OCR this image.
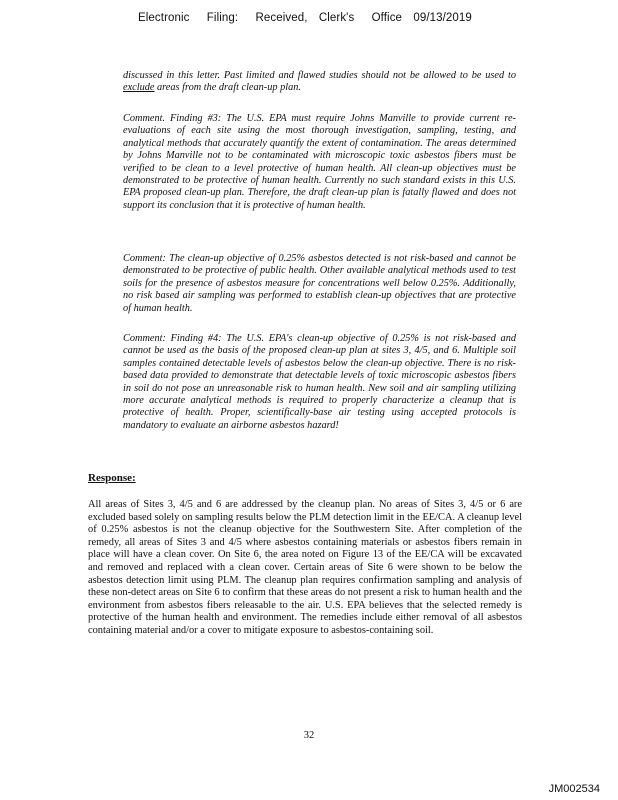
Electronic Filing: Received, Clerk's Office 09/13/2019

discussed in this letter. Past limited and flawed studies should not be allowed to be used to exclude areas from the draft clean-up plan.

Comment. Finding #3: The U.S. EPA must require Johns Manville to provide current re- evaluations of each site using the most thorough investigation, sampling, testing, and analytical methods that accurately quantify the extent of contamination. The areas determined by Johns Manville not to be contaminated with microscopic toxic asbestos fibers must be verified to be clean to a level protective of human health. All clean-up objectives must be demonstrated to be protective of human health. Currently no such standard exists in this U.S. EPA proposed clean-up plan. Therefore, the draft clean-up plan is fatally flawed and does not support its conclusion that it is protective of human health.

Comment: The clean-up objective of 0.25% asbestos detected is not risk-based and cannot be demonstrated to be protective of public health. Other available analytical methods used to test soils for the presence of asbestos measure for concentrations well below 0.25%. Additionally, no risk based air sampling was performed to establish clean-up objectives that are protective of human health.

Comment: Finding #4: The U.S. EPA's clean-up objective of 0.25% is not risk-based and cannot be used as the basis of the proposed clean-up plan at sites 3, 4/5, and 6. Multiple soil samples contained detectable levels of asbestos below the clean-up objective. There is no risk-based data provided to demonstrate that detectable levels of toxic microscopic asbestos fibers in soil do not pose an unreasonable risk to human health. New soil and air sampling utilizing more accurate analytical methods is required to properly characterize a cleanup that is protective of health. Proper, scientifically-base air testing using accepted protocols is mandatory to evaluate an airborne asbestos hazard!

Response:
All areas of Sites 3, 4/5 and 6 are addressed by the cleanup plan. No areas of Sites 3, 4/5 or 6 are excluded based solely on sampling results below the PLM detection limit in the EE/CA. A cleanup level of 0.25% asbestos is not the cleanup objective for the Southwestern Site. After completion of the remedy, all areas of Sites 3 and 4/5 where asbestos containing materials or asbestos fibers remain in place will have a clean cover. On Site 6, the area noted on Figure 13 of the EE/CA will be excavated and removed and replaced with a clean cover. Certain areas of Site 6 were shown to be below the asbestos detection limit using PLM. The cleanup plan requires confirmation sampling and analysis of these non-detect areas on Site 6 to confirm that these areas do not present a risk to human health and the environment from asbestos fibers releasable to the air. U.S. EPA believes that the selected remedy is protective of the human health and environment. The remedies include either removal of all asbestos containing material and/or a cover to mitigate exposure to asbestos-containing soil.
32
JM002534
